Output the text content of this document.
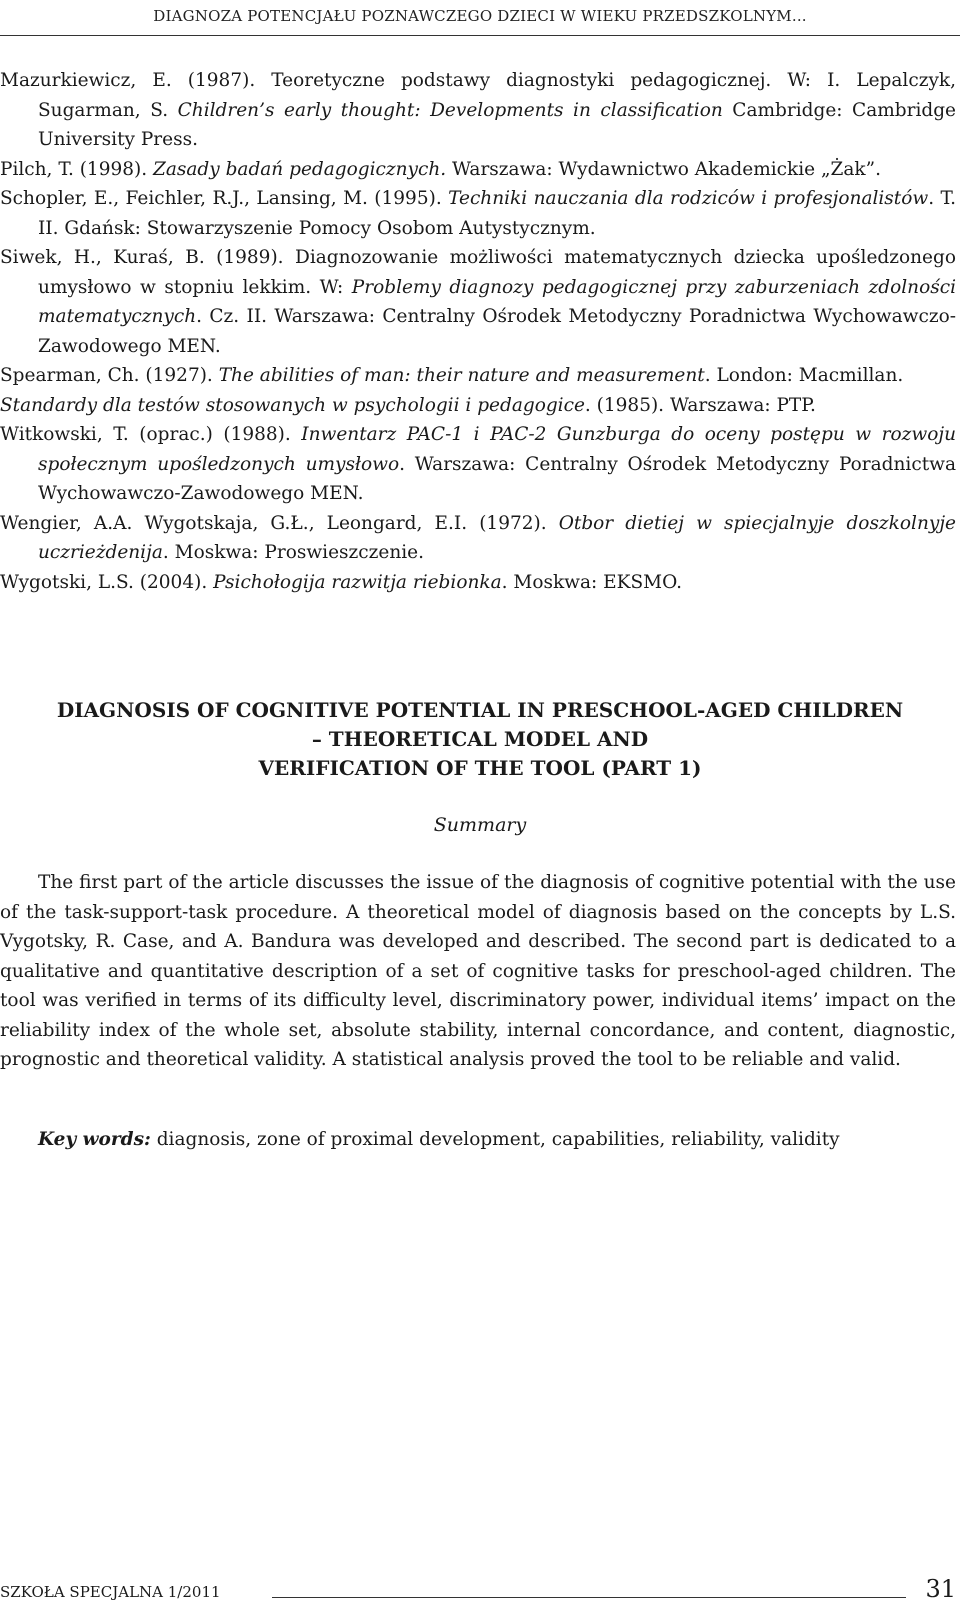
DIAGNOZA POTENCJAŁU POZNAWCZEGO DZIECI W WIEKU PRZEDSZKOLNYM...
Mazurkiewicz, E. (1987). Teoretyczne podstawy diagnostyki pedagogicznej. W: I. Lepalczyk, Sugarman, S. Children’s early thought: Developments in classification Cambridge: Cambridge University Press.
Pilch, T. (1998). Zasady badań pedagogicznych. Warszawa: Wydawnictwo Akademickie „Żak”.
Schopler, E., Feichler, R.J., Lansing, M. (1995). Techniki nauczania dla rodziców i profesjonalistów. T. II. Gdańsk: Stowarzyszenie Pomocy Osobom Autystycznym.
Siwek, H., Kuraś, B. (1989). Diagnozowanie możliwości matematycznych dziecka upośledzonego umysłowo w stopniu lekkim. W: Problemy diagnozy pedagogicznej przy zaburzeniach zdolności matematycznych. Cz. II. Warszawa: Centralny Ośrodek Metodyczny Poradnictwa Wychowawczo-Zawodowego MEN.
Spearman, Ch. (1927). The abilities of man: their nature and measurement. London: Macmillan.
Standardy dla testów stosowanych w psychologii i pedagogice. (1985). Warszawa: PTP.
Witkowski, T. (oprac.) (1988). Inwentarz PAC-1 i PAC-2 Gunzburga do oceny postępu w rozwoju społecznym upośledzonych umysłowo. Warszawa: Centralny Ośrodek Metodyczny Poradnictwa Wychowawczo-Zawodowego MEN.
Wengier, A.A. Wygotskaja, G.Ł., Leongard, E.I. (1972). Otbor dietiej w spiecjalnyje doszkolnyje uczrieżdenija. Moskwa: Proswieszczenie.
Wygotski, L.S. (2004). Psichołogija razwitja riebionka. Moskwa: EKSMO.
DIAGNOSIS OF COGNITIVE POTENTIAL IN PRESCHOOL-AGED CHILDREN
– THEORETICAL MODEL AND
VERIFICATION OF THE TOOL (PART 1)
Summary

The first part of the article discusses the issue of the diagnosis of cognitive potential with the use of the task-support-task procedure. A theoretical model of diagnosis based on the concepts by L.S. Vygotsky, R. Case, and A. Bandura was developed and described. The second part is dedicated to a qualitative and quantitative description of a set of cognitive tasks for preschool-aged children. The tool was verified in terms of its difficulty level, discriminatory power, individual items’ impact on the reliability index of the whole set, absolute stability, internal concordance, and content, diagnostic, prognostic and theoretical validity. A statistical analysis proved the tool to be reliable and valid.

Key words: diagnosis, zone of proximal development, capabilities, reliability, validity

SZKOŁA SPECJALNA 1/2011	31
